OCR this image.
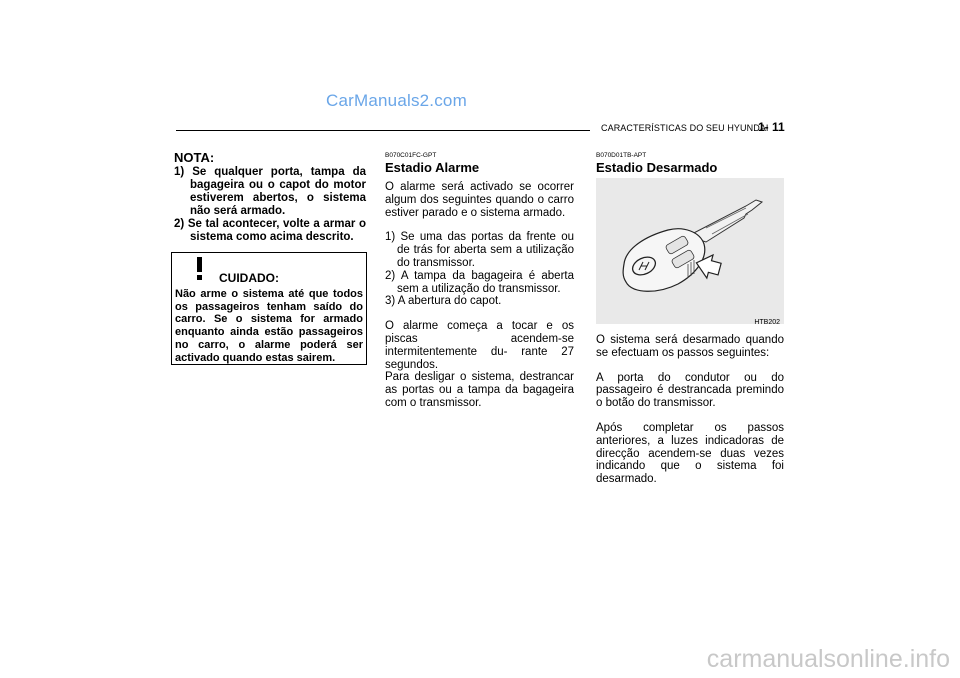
CarManuals2.com
CARACTERÍSTICAS DO SEU HYUNDAI
1- 11
NOTA:
1) Se qualquer porta, tampa da bagageira ou o capot do motor estiverem abertos, o sistema não será armado.
2) Se tal acontecer, volte a armar o sistema como acima descrito.
CUIDADO:

Não arme o sistema até que todos os passageiros tenham saído do carro. Se o sistema for armado enquanto ainda estão passageiros no carro, o alarme poderá ser activado quando estas sairem.

B070C01FC-GPT

Estadio Alarme

O alarme será activado se ocorrer algum dos seguintes quando o carro estiver parado e o sistema armado.

1) Se uma das portas da frente ou de trás for aberta sem a utilização do transmissor.
2) A tampa da bagageira é aberta sem a utilização do transmissor.
3) A abertura do capot.

O alarme começa a tocar e os piscas acendem-se intermitentemente du- rante 27 segundos.

Para desligar o sistema, destrancar as portas ou a tampa da bagageira com o transmissor.

B070D01TB-APT

Estadio Desarmado
HTB202

O sistema será desarmado quando se efectuam os passos seguintes:

A porta do condutor ou do passageiro é destrancada premindo o botão do transmissor.

Após completar os passos anteriores, a luzes indicadoras de direcção acendem-se duas vezes indicando que o sistema foi desarmado.

carmanualsonline.info
